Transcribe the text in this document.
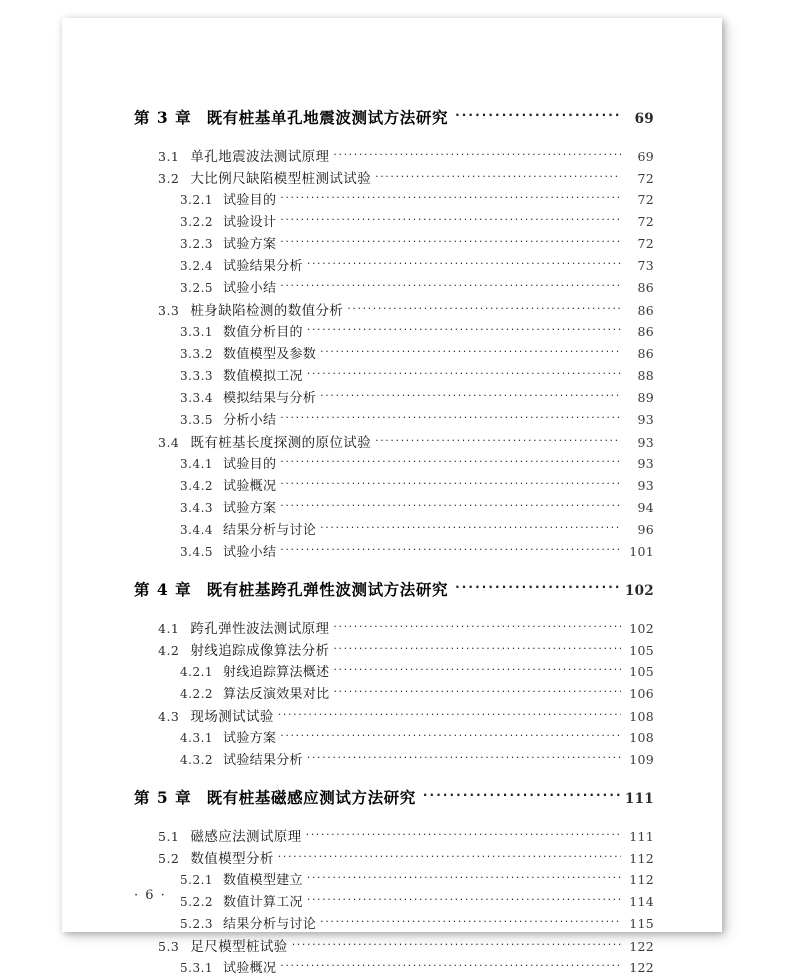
第 3 章 既有桩基单孔地震波测试方法研究 ·····	69
3.1 单孔地震波法测试原理 ·····	69
3.2 大比例尺缺陷模型桩测试试验 ·····	72
3.2.1 试验目的 ·····	72
3.2.2 试验设计 ·····	72
3.2.3 试验方案 ·····	72
3.2.4 试验结果分析 ·····	73
3.2.5 试验小结 ·····	86
3.3 桩身缺陷检测的数值分析 ·····	86
3.3.1 数值分析目的 ·····	86
3.3.2 数值模型及参数 ·····	86
3.3.3 数值模拟工况 ·····	88
3.3.4 模拟结果与分析 ·····	89
3.3.5 分析小结 ·····	93
3.4 既有桩基长度探测的原位试验 ·····	93
3.4.1 试验目的 ·····	93
3.4.2 试验概况 ·····	93
3.4.3 试验方案 ·····	94
3.4.4 结果分析与讨论 ·····	96
3.4.5 试验小结 ·····	101
第 4 章 既有桩基跨孔弹性波测试方法研究 ·····	102
4.1 跨孔弹性波法测试原理 ·····	102
4.2 射线追踪成像算法分析 ·····	105
4.2.1 射线追踪算法概述 ·····	105
4.2.2 算法反演效果对比 ·····	106
4.3 现场测试试验 ·····	108
4.3.1 试验方案 ·····	108
4.3.2 试验结果分析 ·····	109
第 5 章 既有桩基磁感应测试方法研究 ·····	111
5.1 磁感应法测试原理 ·····	111
5.2 数值模型分析 ·····	112
5.2.1 数值模型建立 ·····	112
5.2.2 数值计算工况 ·····	114
5.2.3 结果分析与讨论 ·····	115
5.3 足尺模型桩试验 ·····	122
5.3.1 试验概况 ·····	122
· 6 ·
